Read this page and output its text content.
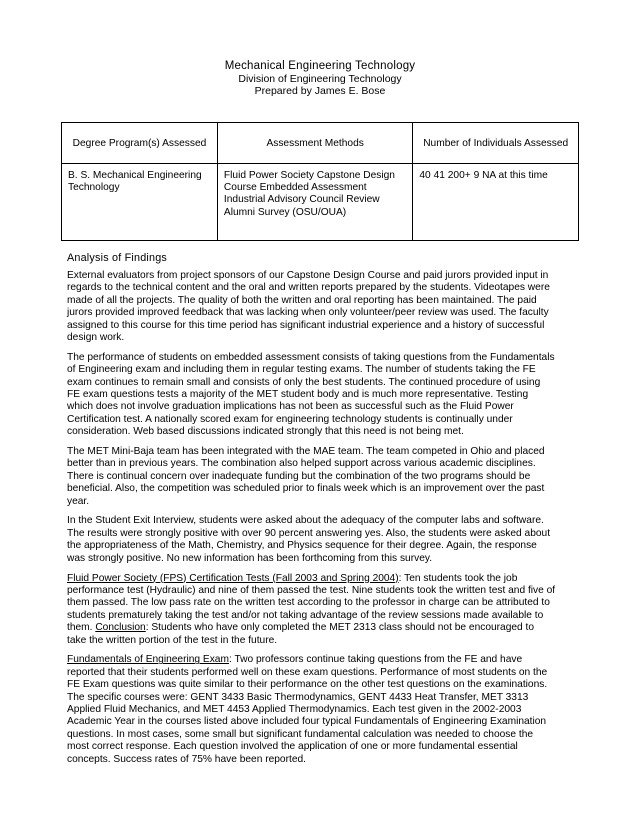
Mechanical Engineering Technology
Division of Engineering Technology
Prepared by James E. Bose
Degree Program(s) Assessed	Assessment Methods	Number of Individuals Assessed
B. S. Mechanical Engineering Technology	Fluid Power Society Capstone Design Course Embedded Assessment Industrial Advisory Council Review Alumni Survey (OSU/OUA)	40 41 200+ 9 NA at this time
Analysis of Findings

External evaluators from project sponsors of our Capstone Design Course and paid jurors provided input in
regards to the technical content and the oral and written reports prepared by the students. Videotapes were
made of all the projects. The quality of both the written and oral reporting has been maintained. The paid
jurors provided improved feedback that was lacking when only volunteer/peer review was used. The faculty
assigned to this course for this time period has significant industrial experience and a history of successful
design work.

The performance of students on embedded assessment consists of taking questions from the Fundamentals
of Engineering exam and including them in regular testing exams. The number of students taking the FE
exam continues to remain small and consists of only the best students. The continued procedure of using
FE exam questions tests a majority of the MET student body and is much more representative. Testing
which does not involve graduation implications has not been as successful such as the Fluid Power
Certification test. A nationally scored exam for engineering technology students is continually under
consideration. Web based discussions indicated strongly that this need is not being met.

The MET Mini-Baja team has been integrated with the MAE team. The team competed in Ohio and placed
better than in previous years. The combination also helped support across various academic disciplines.
There is continual concern over inadequate funding but the combination of the two programs should be
beneficial. Also, the competition was scheduled prior to finals week which is an improvement over the past
year.

In the Student Exit Interview, students were asked about the adequacy of the computer labs and software.
The results were strongly positive with over 90 percent answering yes. Also, the students were asked about
the appropriateness of the Math, Chemistry, and Physics sequence for their degree. Again, the response
was strongly positive. No new information has been forthcoming from this survey.

Fluid Power Society (FPS) Certification Tests (Fall 2003 and Spring 2004): Ten students took the job
performance test (Hydraulic) and nine of them passed the test. Nine students took the written test and five of
them passed. The low pass rate on the written test according to the professor in charge can be attributed to
students prematurely taking the test and/or not taking advantage of the review sessions made available to
them. Conclusion: Students who have only completed the MET 2313 class should not be encouraged to
take the written portion of the test in the future.

Fundamentals of Engineering Exam: Two professors continue taking questions from the FE and have
reported that their students performed well on these exam questions. Performance of most students on the
FE Exam questions was quite similar to their performance on the other test questions on the examinations.
The specific courses were: GENT 3433 Basic Thermodynamics, GENT 4433 Heat Transfer, MET 3313
Applied Fluid Mechanics, and MET 4453 Applied Thermodynamics. Each test given in the 2002-2003
Academic Year in the courses listed above included four typical Fundamentals of Engineering Examination
questions. In most cases, some small but significant fundamental calculation was needed to choose the
most correct response. Each question involved the application of one or more fundamental essential
concepts. Success rates of 75% have been reported.
